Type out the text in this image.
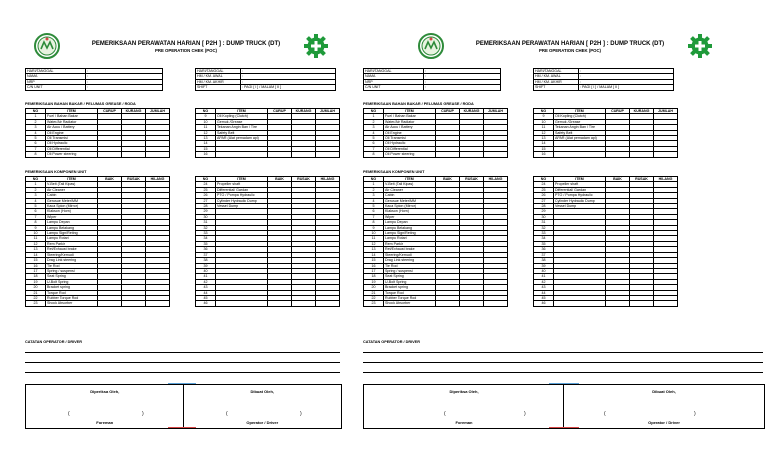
PEMERIKSAAN PERAWATAN HARIAN [ P2H ] : DUMP TRUCK (DT)
PRE OPERATION CHEK (POC)
HARI/TANGGAL	:
NAMA	:
NRP	:
C/N UNIT	:
HARI/TANGGAL	:
HM / KM. AWAL	:
HM / KM. AKHIR	:
SHIFT	: PAGI [ I ] / MALAM [ II ]
PEMERIKSAAN BAHAN BAKAR / PELUMAS GREASE / RODA
NO	ITEM	CURUP	KURANG	JUMLAH
1	Fuel / Bahan Bakar			
2	Water/Air Radiator			
3	Air Accu / Battery			
4	Oli Engine			
5	Oli Transmisi			
6	Oli Hydraulic			
7	Oli Differential			
8	Oli Power steering			
NO	ITEM	CURUP	KURANG	JUMLAH
9	Oli Kopling (Clutch)			
10	Gemuk /Grease			
11	Tekanan Angin Ban / Tire			
12	Safety Belt			
13	APAR (Alat pemadam api)			
14				
15				
16				
PEMERIKSAAN KOMPONEN UNIT
NO	ITEM	BAIK	RUSAK	HILANG
1	V-Belt (Tali Kipas)			
2	Air Cleaner			
3	Cabin			
4	Gerusue Meter/MM			
5	Kaca Spion (Mirror)			
6	Klakson (Horn)			
7	Wiper			
8	Lampu Depan			
9	Lampu Belakang			
10	Lampu Sign/Reting			
11	Lampu Rotari			
12	Rem Parkir			
13	Ret/Exhaust brake			
14	Steering/Kemudi			
15	Drag Link steering			
16	Tie Rod			
17	Spring / suspensi			
18	Seat Spring			
19	U-Bolt Spring			
20	Bracket spring			
21	Torque Rod			
22	Rubber Torque Rod			
23	Shock Absorber			
NO	ITEM	BAIK	RUSAK	HILANG
24	Propeller shaft			
25	Differential/ Gardan			
26	PTO / Pompa Hydraulic			
27	Cylinder Hydraulic Dump			
28	Vessel Dump			
29				
30				
31				
32				
33				
34				
35				
36				
37				
38				
39				
40				
41				
42				
43				
44				
45				
46				
CATATAN OPERATOR / DRIVER
Diperiksa Oleh,	Dibuat Oleh,
(	)	(	)
Foreman	Operator / Driver
PEMERIKSAAN PERAWATAN HARIAN [ P2H ] : DUMP TRUCK (DT)
PRE OPERATION CHEK (POC)
HARI/TANGGAL	:
NAMA	:
NRP	:
C/N UNIT	:
HARI/TANGGAL	:
HM / KM. AWAL	:
HM / KM. AKHIR	:
SHIFT	: PAGI [ I ] / MALAM [ II ]
PEMERIKSAAN BAHAN BAKAR / PELUMAS GREASE / RODA
NO	ITEM	CURUP	KURANG	JUMLAH
1	Fuel / Bahan Bakar			
2	Water/Air Radiator			
3	Air Accu / Battery			
4	Oli Engine			
5	Oli Transmisi			
6	Oli Hydraulic			
7	Oli Differential			
8	Oli Power steering			
NO	ITEM	CURUP	KURANG	JUMLAH
9	Oli Kopling (Clutch)			
10	Gemuk /Grease			
11	Tekanan Angin Ban / Tire			
12	Safety Belt			
13	APAR (Alat pemadam api)			
14				
15				
16				
PEMERIKSAAN KOMPONEN UNIT
NO	ITEM	BAIK	RUSAK	HILANG
1	V-Belt (Tali Kipas)			
2	Air Cleaner			
3	Cabin			
4	Gerusue Meter/MM			
5	Kaca Spion (Mirror)			
6	Klakson (Horn)			
7	Wiper			
8	Lampu Depan			
9	Lampu Belakang			
10	Lampu Sign/Reting			
11	Lampu Rotari			
12	Rem Parkir			
13	Ret/Exhaust brake			
14	Steering/Kemudi			
15	Drag Link steering			
16	Tie Rod			
17	Spring / suspensi			
18	Seat Spring			
19	U-Bolt Spring			
20	Bracket spring			
21	Torque Rod			
22	Rubber Torque Rod			
23	Shock Absorber			
NO	ITEM	BAIK	RUSAK	HILANG
24	Propeller shaft			
25	Differential/ Gardan			
26	PTO / Pompa Hydraulic			
27	Cylinder Hydraulic Dump			
28	Vessel Dump			
29				
30				
31				
32				
33				
34				
35				
36				
37				
38				
39				
40				
41				
42				
43				
44				
45				
46				
CATATAN OPERATOR / DRIVER
Diperiksa Oleh,	Dibuat Oleh,
(	)	(	)
Foreman	Operator / Driver
